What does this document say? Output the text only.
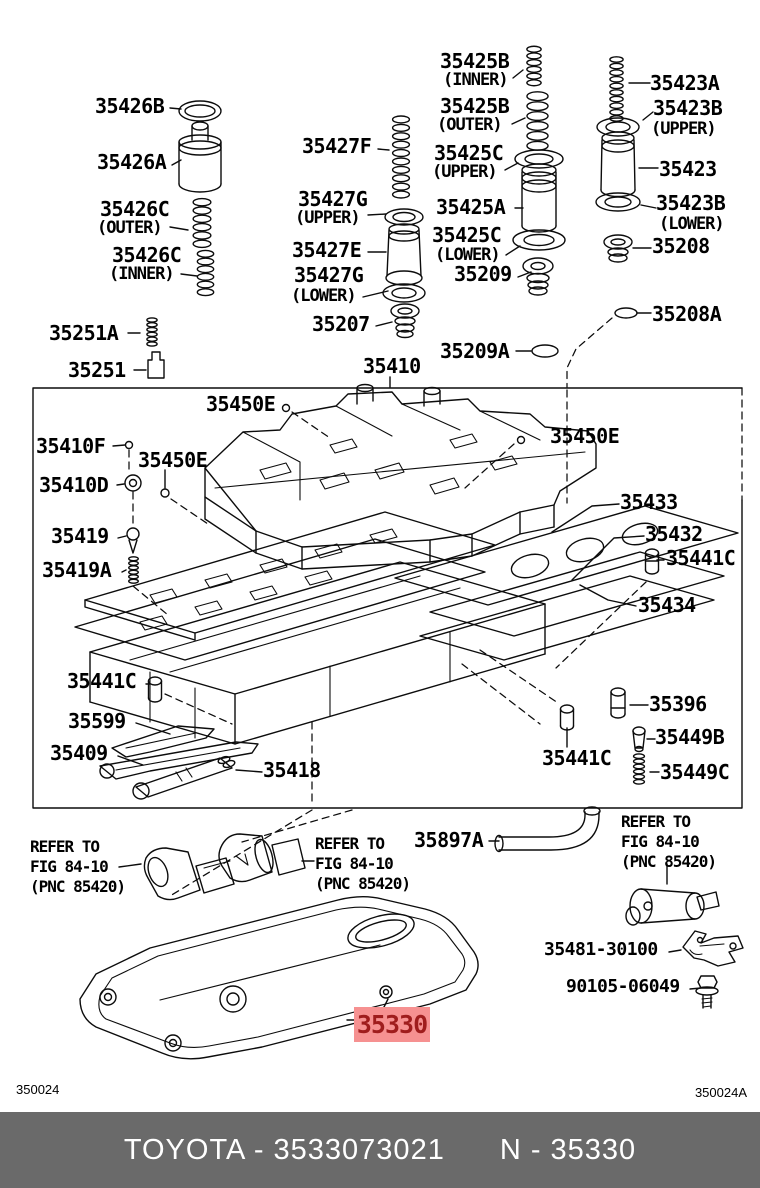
35426B
35426A
35426C
(OUTER)
35426C
(INNER)
35427F
35427G
(UPPER)
35427E
35427G
(LOWER)
35207
35425B
(INNER)
35425B
(OUTER)
35425C
(UPPER)
35425A
35425C
(LOWER)
35209
35423A
35423B
(UPPER)
35423
35423B
(LOWER)
35208
35208A
35209A
35251A
35251	35410
35410F
35450E
35450E
35450E
35410D
35419
35419A
35433
35432
35441C
35434
35441C
35441C
35599
35409
35418
35396
35449B
35449C
REFER TO
FIG 84-10
(PNC 85420)
REFER TO
FIG 84-10
(PNC 85420)
REFER TO
FIG 84-10
(PNC 85420)
35897A
35481-30100
90105-06049
35330
350024	350024A
TOYOTA - 3533073021 N - 35330
